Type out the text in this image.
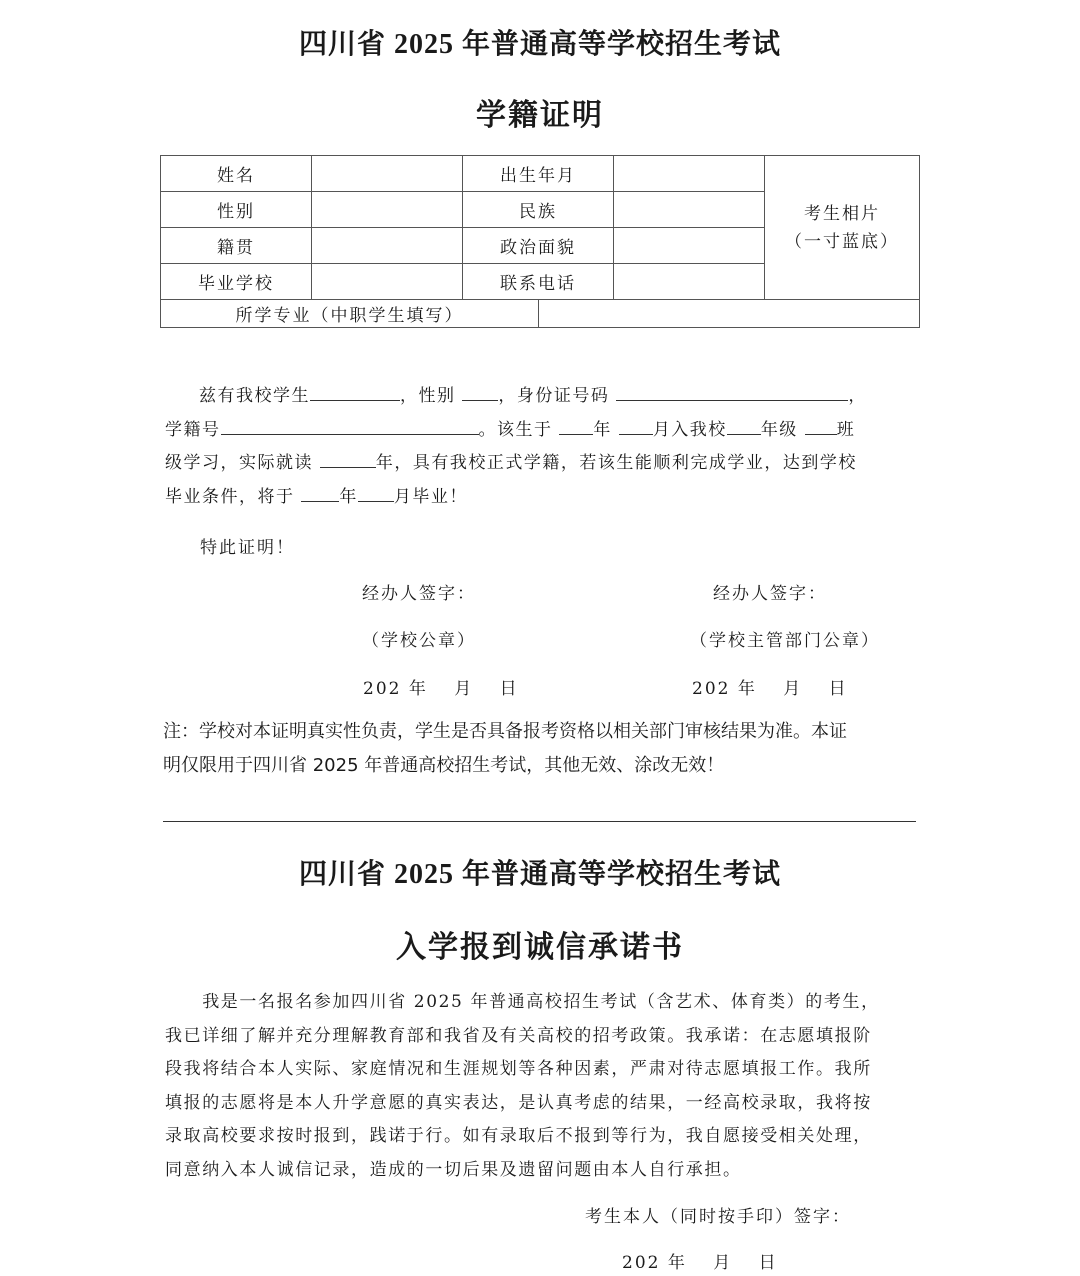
四川省 2025 年普通高等学校招生考试
学籍证明
姓名		出生年月			考生相片
（一寸蓝底）

性别		民族			
籍贯		政治面貌			
毕业学校		联系电话			
所学专业（中职学生填写）					
兹有我校学生	，性别	，身份证号码	，
学籍号	。该生于 年 月入我校 年级 班
级学习，实际就读	年，具有我校正式学籍，若该生能顺利完成学业，达到学校
毕业条件，将于	年 月毕业！
特此证明！
经办人签字：
（学校公章）
202 年　 月　 日
经办人签字：
（学校主管部门公章）
202 年　 月　 日
注：学校对本证明真实性负责，学生是否具备报考资格以相关部门审核结果为准。本证
明仅限用于四川省 2025 年普通高校招生考试，其他无效、涂改无效！
四川省 2025 年普通高等学校招生考试
入学报到诚信承诺书
　　我是一名报名参加四川省 2025 年普通高校招生考试（含艺术、体育类）的考生，
我已详细了解并充分理解教育部和我省及有关高校的招考政策。我承诺：在志愿填报阶
段我将结合本人实际、家庭情况和生涯规划等各种因素，严肃对待志愿填报工作。我所
填报的志愿将是本人升学意愿的真实表达，是认真考虑的结果，一经高校录取，我将按
录取高校要求按时报到，践诺于行。如有录取后不报到等行为，我自愿接受相关处理，
同意纳入本人诚信记录，造成的一切后果及遗留问题由本人自行承担。
考生本人（同时按手印）签字：
202 年　 月　 日
